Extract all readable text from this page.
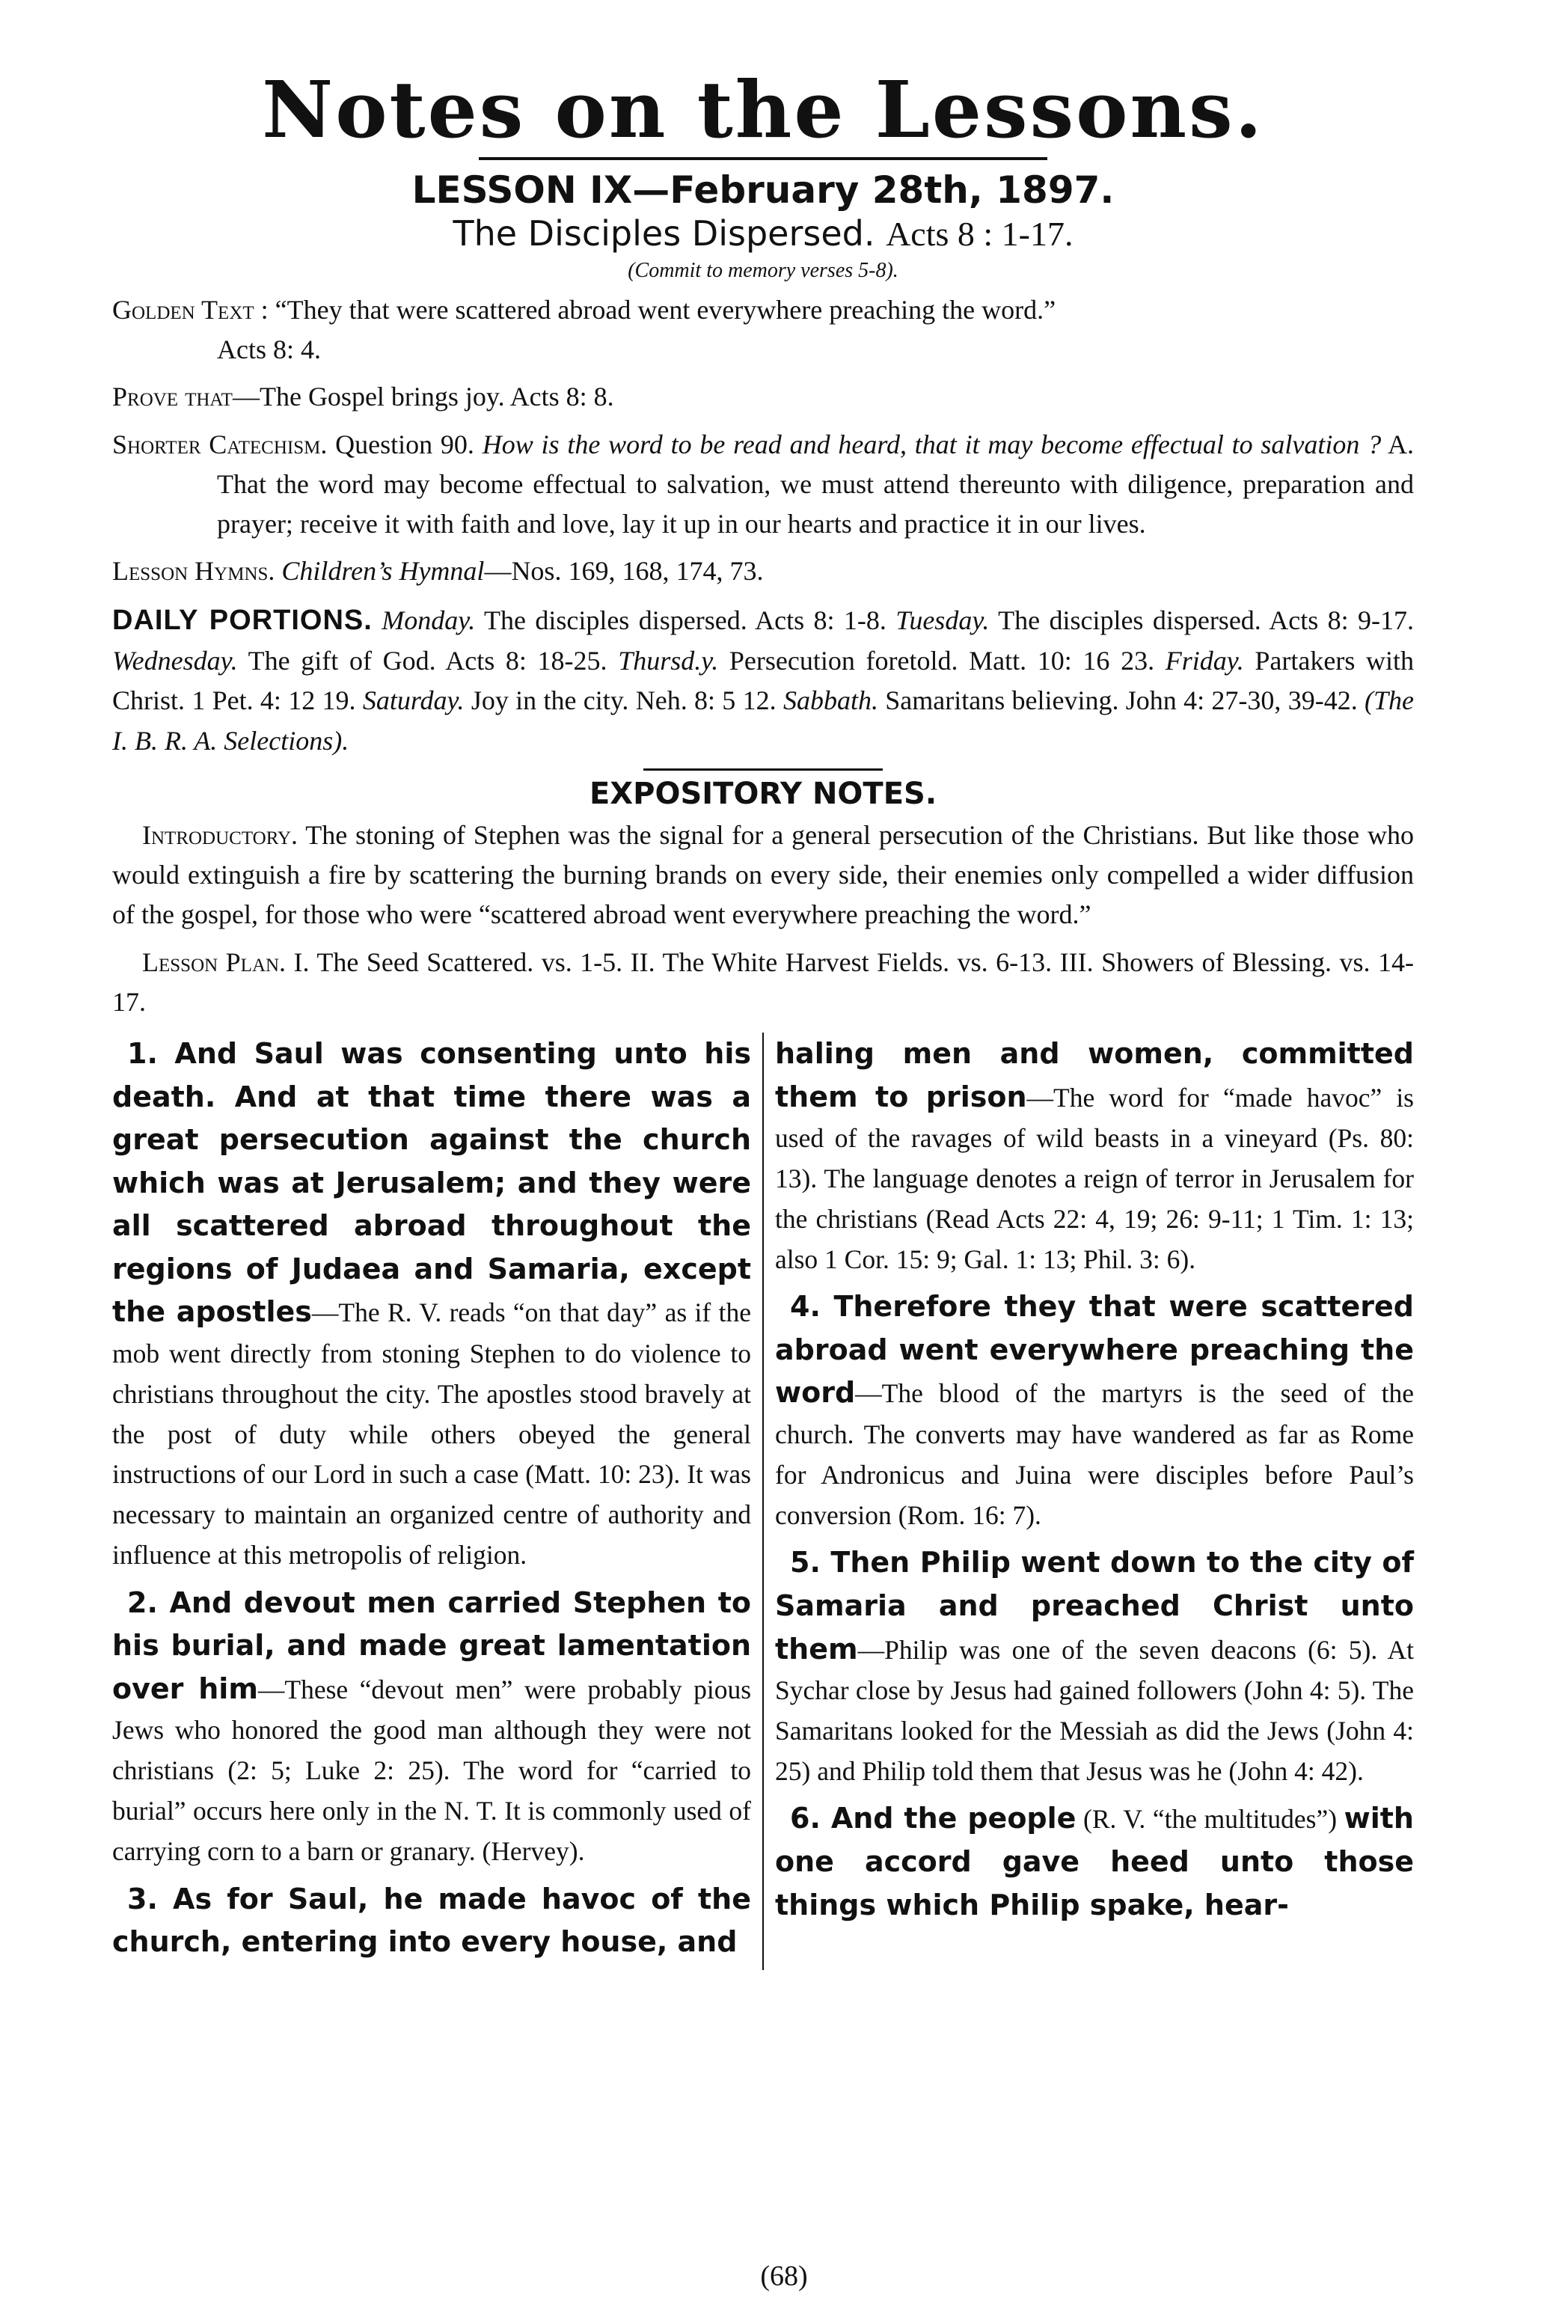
Notes on the Lessons.

LESSON IX—February 28th, 1897.

The Disciples Dispersed. Acts 8 : 1-17.

(Commit to memory verses 5-8).

Golden Text : “They that were scattered abroad went everywhere preaching the word.”
Acts 8: 4.

Prove that—The Gospel brings joy. Acts 8: 8.

Shorter Catechism. Question 90. How is the word to be read and heard, that it may become effectual to salvation ? A. That the word may become effectual to salvation, we must attend thereunto with diligence, preparation and prayer; receive it with faith and love, lay it up in our hearts and practice it in our lives.

Lesson Hymns. Children’s Hymnal—Nos. 169, 168, 174, 73.

DAILY PORTIONS. Monday. The disciples dispersed. Acts 8: 1-8. Tuesday. The disciples dispersed. Acts 8: 9-17. Wednesday. The gift of God. Acts 8: 18-25. Thursd.y. Persecution foretold. Matt. 10: 16 23. Friday. Partakers with Christ. 1 Pet. 4: 12 19. Saturday. Joy in the city. Neh. 8: 5 12. Sabbath. Samaritans believing. John 4: 27-30, 39-42. (The I. B. R. A. Selections).

EXPOSITORY NOTES.

Introductory. The stoning of Stephen was the signal for a general persecution of the Christians. But like those who would extinguish a fire by scattering the burning brands on every side, their enemies only compelled a wider diffusion of the gospel, for those who were “scattered abroad went everywhere preaching the word.”

Lesson Plan. I. The Seed Scattered. vs. 1-5. II. The White Harvest Fields. vs. 6-13. III. Showers of Blessing. vs. 14-17.

1. And Saul was consenting unto his death. And at that time there was a great persecution against the church which was at Jerusalem; and they were all scattered abroad throughout the regions of Judaea and Samaria, except the apostles—The R. V. reads “on that day” as if the mob went directly from stoning Stephen to do violence to christians throughout the city. The apostles stood bravely at the post of duty while others obeyed the general instructions of our Lord in such a case (Matt. 10: 23). It was necessary to maintain an organized centre of authority and influence at this metropolis of religion.

2. And devout men carried Stephen to his burial, and made great lamentation over him—These “devout men” were probably pious Jews who honored the good man although they were not christians (2: 5; Luke 2: 25). The word for “carried to burial” occurs here only in the N. T. It is commonly used of carrying corn to a barn or granary. (Hervey).

3. As for Saul, he made havoc of the church, entering into every house, and

haling men and women, committed them to prison—The word for “made havoc” is used of the ravages of wild beasts in a vineyard (Ps. 80: 13). The language denotes a reign of terror in Jerusalem for the christians (Read Acts 22: 4, 19; 26: 9-11; 1 Tim. 1: 13; also 1 Cor. 15: 9; Gal. 1: 13; Phil. 3: 6).

4. Therefore they that were scattered abroad went everywhere preaching the word—The blood of the martyrs is the seed of the church. The converts may have wandered as far as Rome for Andronicus and Juina were disciples before Paul’s conversion (Rom. 16: 7).

5. Then Philip went down to the city of Samaria and preached Christ unto them—Philip was one of the seven deacons (6: 5). At Sychar close by Jesus had gained followers (John 4: 5). The Samaritans looked for the Messiah as did the Jews (John 4: 25) and Philip told them that Jesus was he (John 4: 42).

6. And the people (R. V. “the multitudes”) with one accord gave heed unto those things which Philip spake, hear-

(68)
